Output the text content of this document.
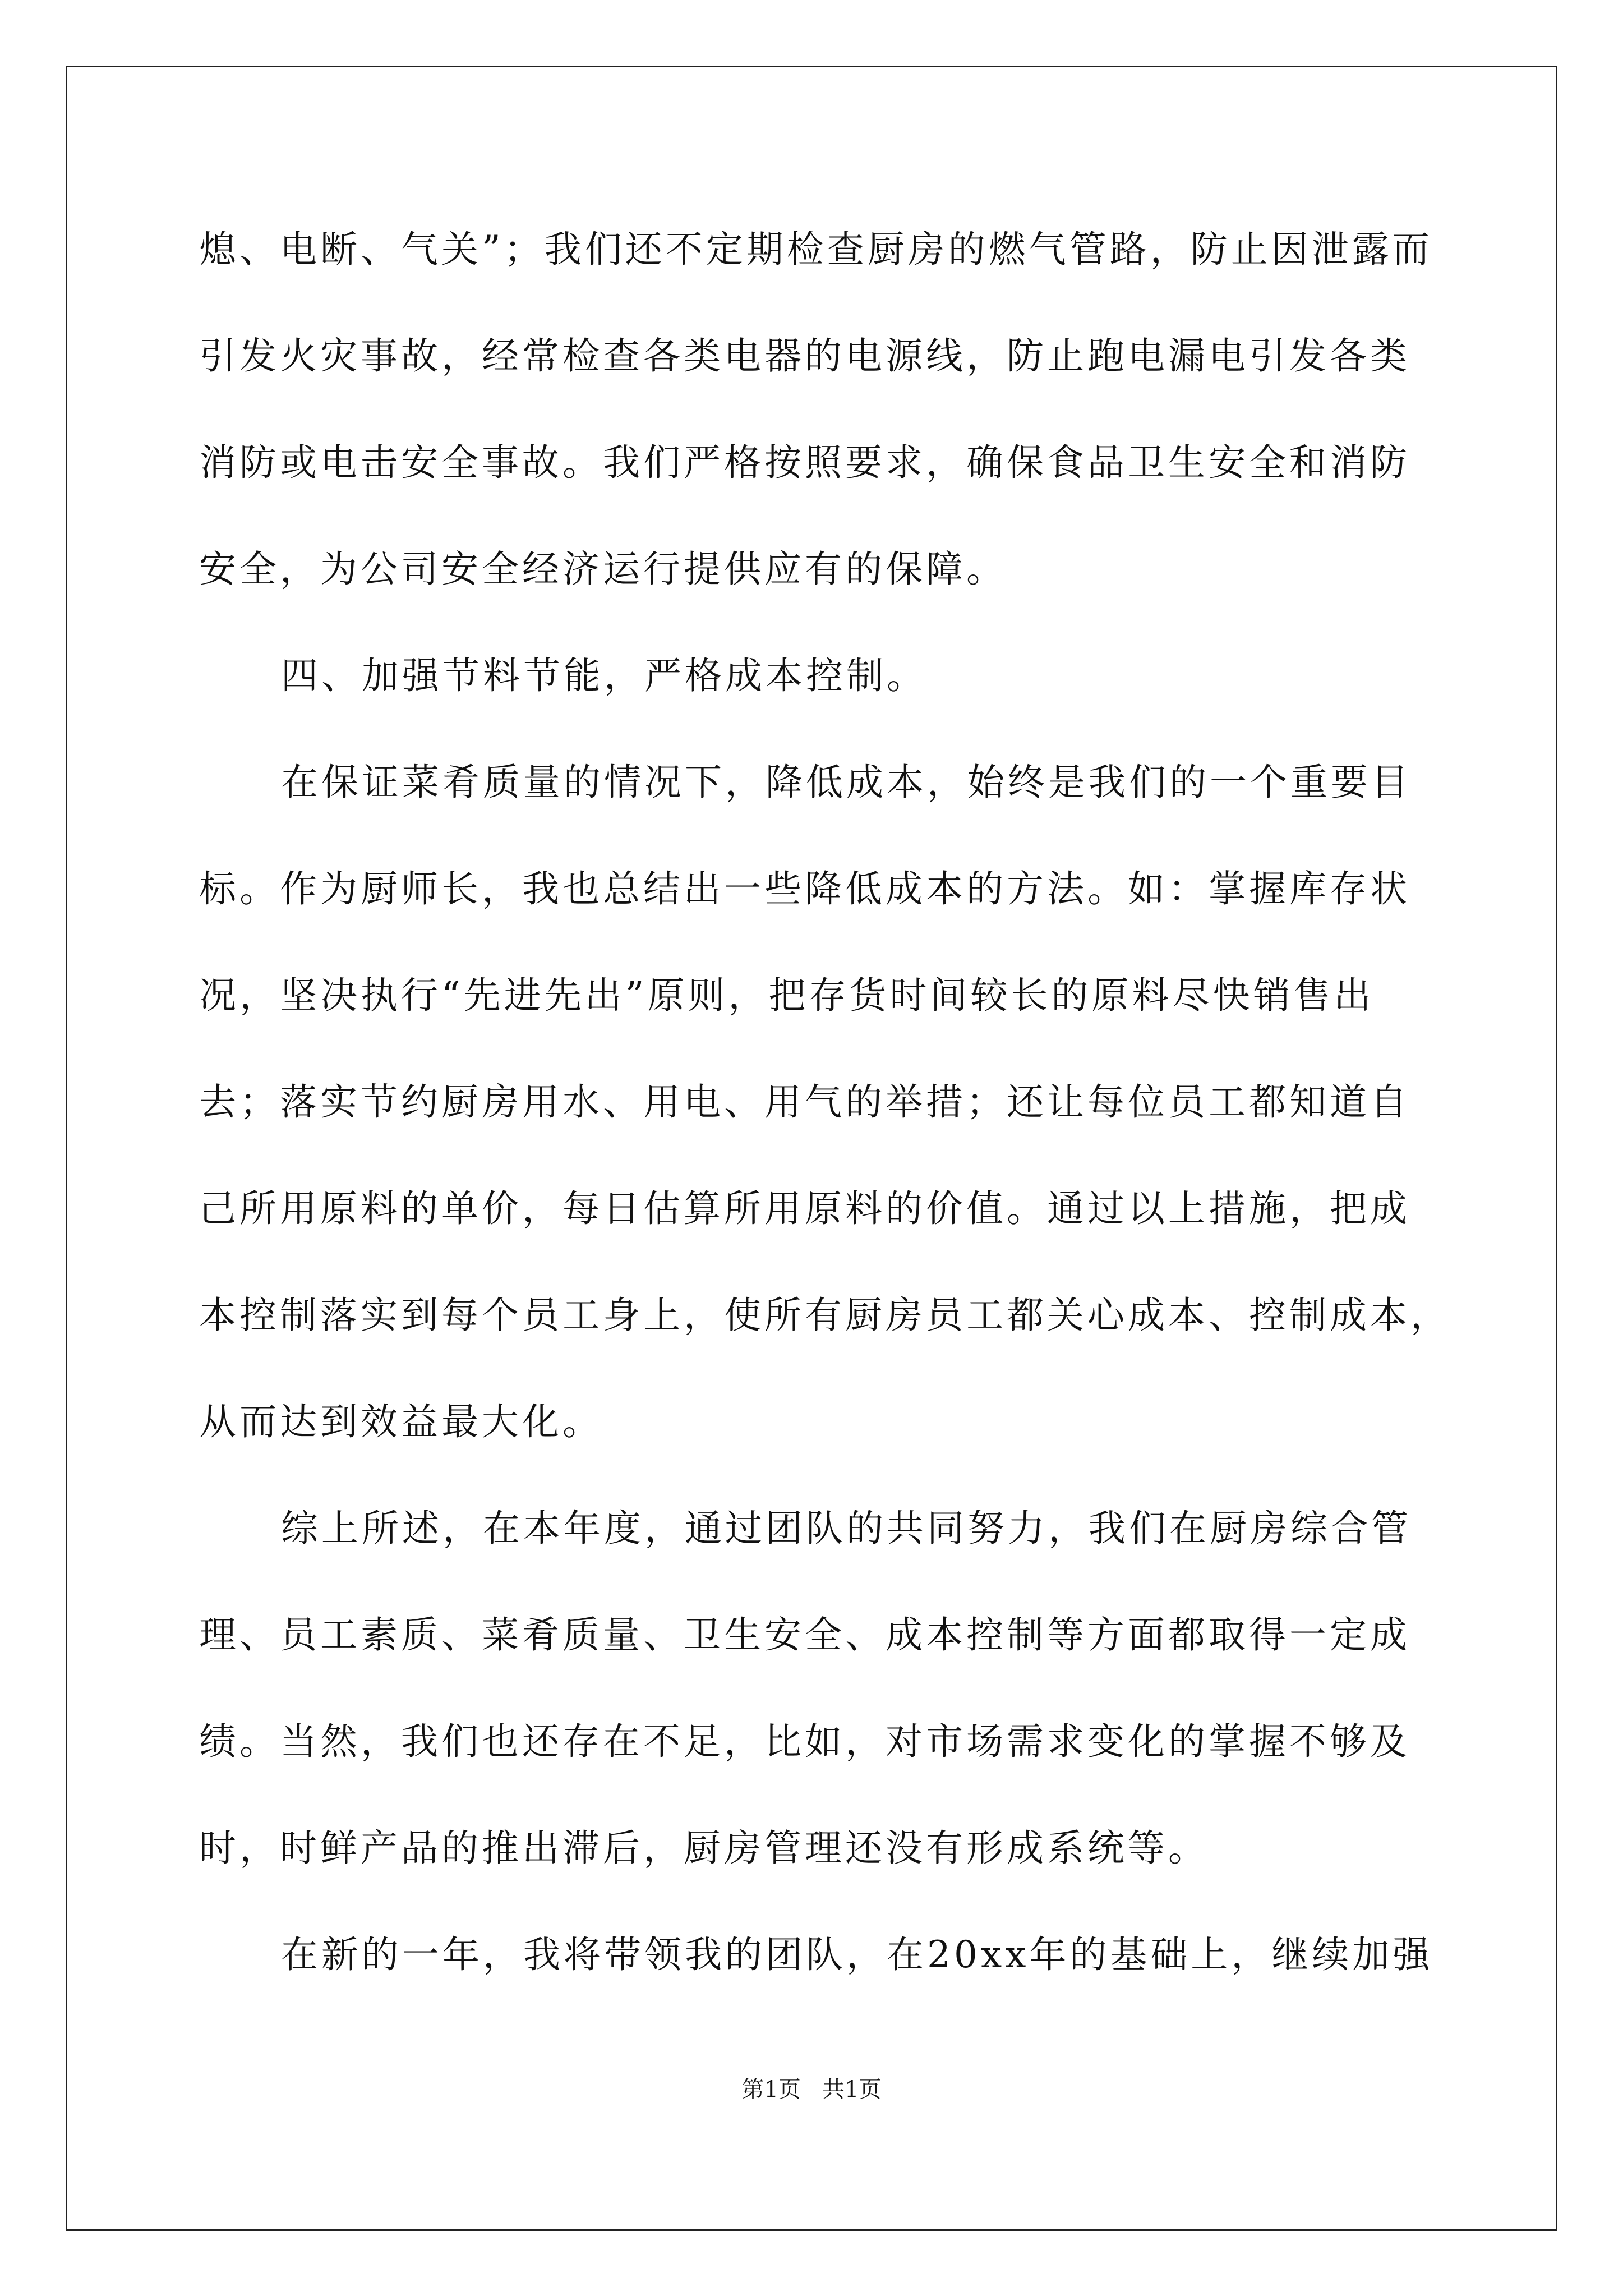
熄、电断、气关”；我们还不定期检查厨房的燃气管路，防止因泄露而
引发火灾事故，经常检查各类电器的电源线，防止跑电漏电引发各类
消防或电击安全事故。我们严格按照要求，确保食品卫生安全和消防
安全，为公司安全经济运行提供应有的保障。
四、加强节料节能，严格成本控制。
在保证菜肴质量的情况下，降低成本，始终是我们的一个重要目
标。作为厨师长，我也总结出一些降低成本的方法。如：掌握库存状
况，坚决执行“先进先出”原则，把存货时间较长的原料尽快销售出
去；落实节约厨房用水、用电、用气的举措；还让每位员工都知道自
己所用原料的单价，每日估算所用原料的价值。通过以上措施，把成
本控制落实到每个员工身上，使所有厨房员工都关心成本、控制成本，
从而达到效益最大化。
综上所述，在本年度，通过团队的共同努力，我们在厨房综合管
理、员工素质、菜肴质量、卫生安全、成本控制等方面都取得一定成
绩。当然，我们也还存在不足，比如，对市场需求变化的掌握不够及
时，时鲜产品的推出滞后，厨房管理还没有形成系统等。
在新的一年，我将带领我的团队，在20xx年的基础上，继续加强
第1页   共1页
